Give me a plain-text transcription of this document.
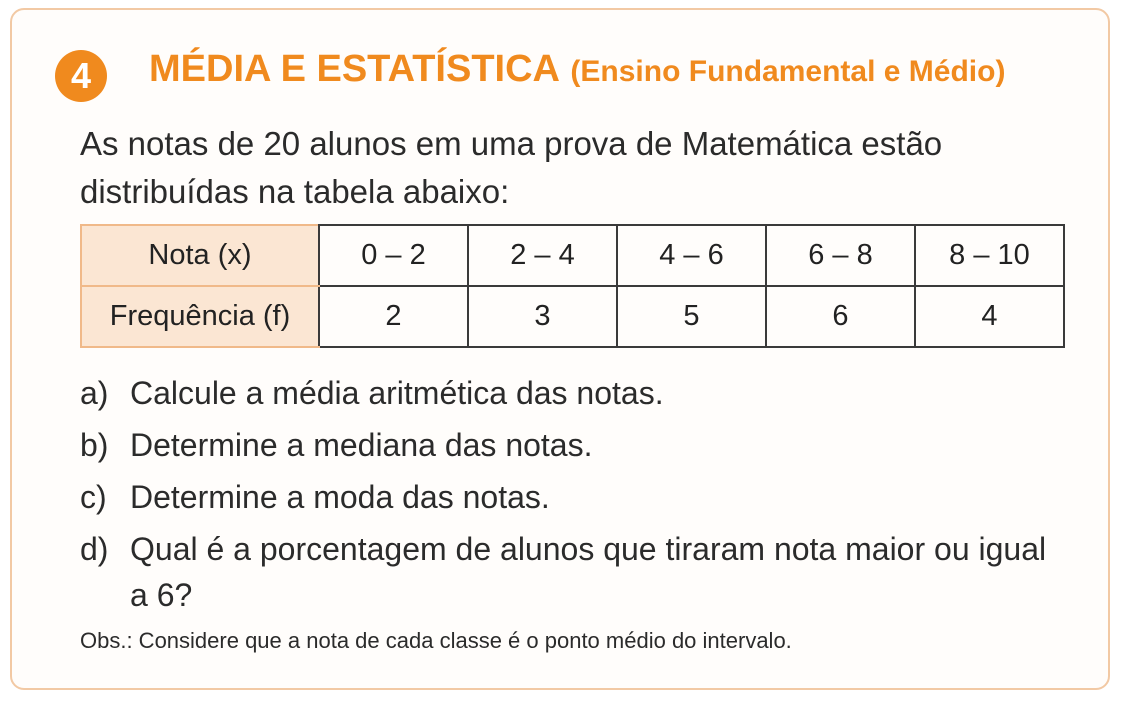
4 MÉDIA E ESTATÍSTICA (Ensino Fundamental e Médio)
As notas de 20 alunos em uma prova de Matemática estão distribuídas na tabela abaixo:
Nota (x)	0 – 2	2 – 4	4 – 6	6 – 8	8 – 10
Frequência (f)	2	3	5	6	4
a) Calcule a média aritmética das notas.
b) Determine a mediana das notas.
c) Determine a moda das notas.
d) Qual é a porcentagem de alunos que tiraram nota maior ou igual a 6?
Obs.: Considere que a nota de cada classe é o ponto médio do intervalo.
